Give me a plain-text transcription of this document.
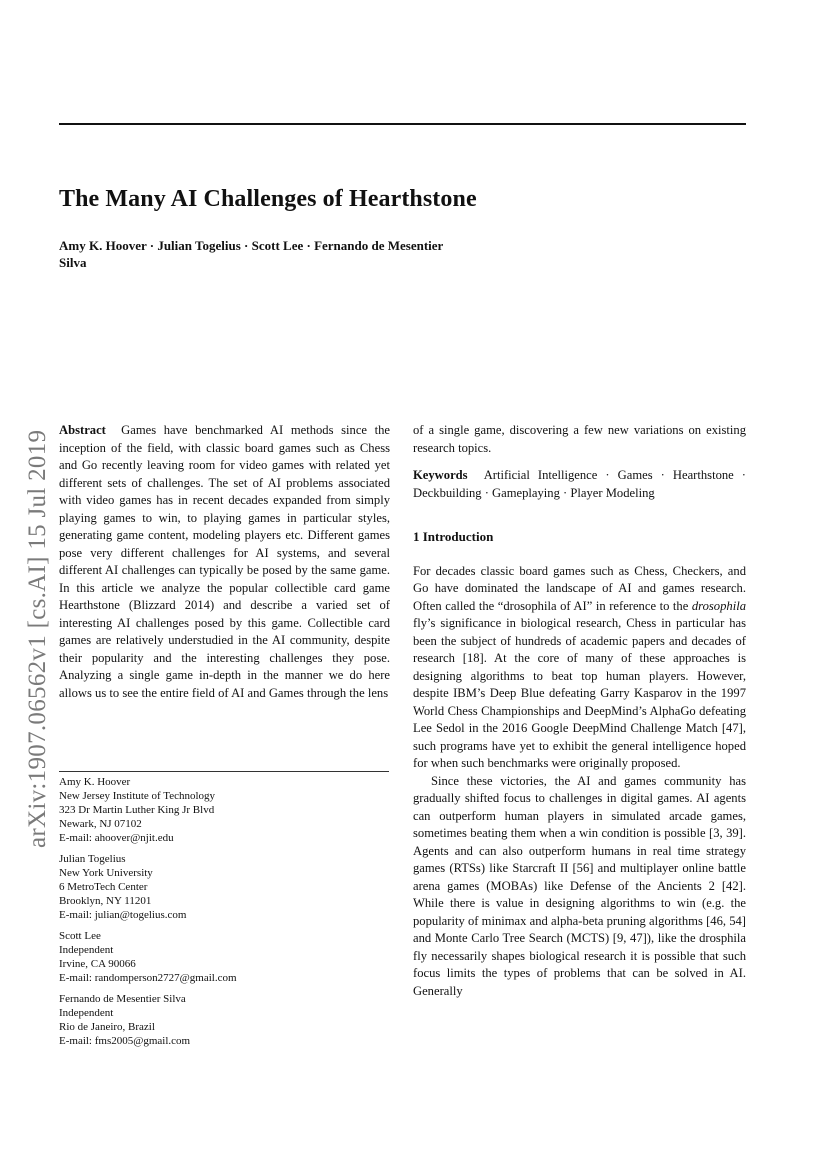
The Many AI Challenges of Hearthstone
Amy K. Hoover · Julian Togelius · Scott Lee · Fernando de Mesentier
Silva
arXiv:1907.06562v1 [cs.AI] 15 Jul 2019 Abstract Games have benchmarked AI methods since the inception of the field, with classic board games such as Chess and Go recently leaving room for video games with related yet different sets of challenges. The set of AI problems associated with video games has in recent decades expanded from simply playing games to win, to playing games in particular styles, generating game content, modeling players etc. Different games pose very different challenges for AI systems, and several different AI challenges can typically be posed by the same game. In this article we analyze the popular collectible card game Hearthstone (Blizzard 2014) and describe a varied set of interesting AI challenges posed by this game. Collectible card games are relatively understudied in the AI community, despite their popularity and the interesting challenges they pose. Analyzing a single game in-depth in the manner we do here allows us to see the entire field of AI and Games through the lens

of a single game, discovering a few new variations on existing research topics.

Keywords Artificial Intelligence · Games · Hearthstone · Deckbuilding · Gameplaying · Player Modeling

1 Introduction

For decades classic board games such as Chess, Checkers, and Go have dominated the landscape of AI and games research. Often called the “drosophila of AI” in reference to the drosophila fly’s significance in biological research, Chess in particular has been the subject of hundreds of academic papers and decades of research [18]. At the core of many of these approaches is designing algorithms to beat top human players. However, despite IBM’s Deep Blue defeating Garry Kasparov in the 1997 World Chess Championships and DeepMind’s AlphaGo defeating Lee Sedol in the 2016 Google DeepMind Challenge Match [47], such programs have yet to exhibit the general intelligence hoped for when such benchmarks were originally proposed.

Since these victories, the AI and games community has gradually shifted focus to challenges in digital games. AI agents can outperform human players in simulated arcade games, sometimes beating them when a win condition is possible [3, 39]. Agents and can also outperform humans in real time strategy games (RTSs) like Starcraft II [56] and multiplayer online battle arena games (MOBAs) like Defense of the Ancients 2 [42]. While there is value in designing algorithms to win (e.g. the popularity of minimax and alpha-beta pruning algorithms [46, 54] and Monte Carlo Tree Search (MCTS) [9, 47]), like the drosphila fly necessarily shapes biological research it is possible that such focus limits the types of problems that can be solved in AI. Generally

Amy K. Hoover
New Jersey Institute of Technology
323 Dr Martin Luther King Jr Blvd
Newark, NJ 07102
E-mail: ahoover@njit.edu
Julian Togelius
New York University
6 MetroTech Center
Brooklyn, NY 11201
E-mail: julian@togelius.com
Scott Lee
Independent
Irvine, CA 90066
E-mail: randomperson2727@gmail.com
Fernando de Mesentier Silva
Independent
Rio de Janeiro, Brazil
E-mail: fms2005@gmail.com
